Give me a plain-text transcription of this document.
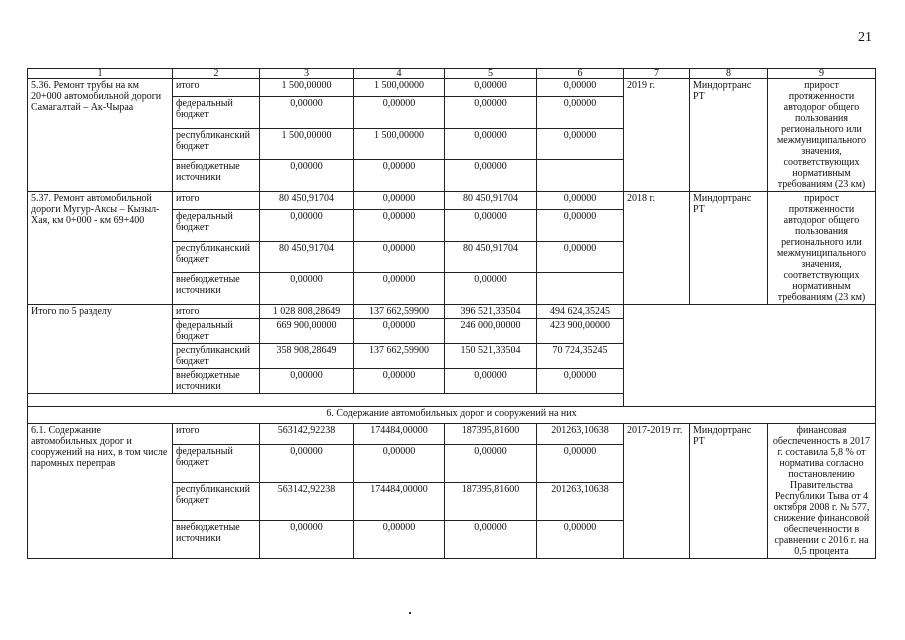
21
1	2	3	4	5	6	7	8	9
5.36. Ремонт трубы на км 20+000 автомобильной дороги Самагалтай – Ак-Чыраа	итого	1 500,00000	1 500,00000	0,00000	0,00000	2019 г.	Миндортранс РТ	прирост протяженности автодорог общего пользования регионального или межмуниципального значения, соответствующих нормативным требованиям (23 км)
	федеральный бюджет	0,00000	0,00000	0,00000	0,00000			
	республиканский бюджет	1 500,00000	1 500,00000	0,00000	0,00000			
	внебюджетные источники	0,00000	0,00000	0,00000				
5.37. Ремонт автомобильной дороги Мугур-Аксы – Кызыл-Хая, км 0+000 - км 69+400	итого	80 450,91704	0,00000	80 450,91704	0,00000	2018 г.	Миндортранс РТ	прирост протяженности автодорог общего пользования регионального или межмуниципального значения, соответствующих нормативным требованиям (23 км)
	федеральный бюджет	0,00000	0,00000	0,00000	0,00000			
	республиканский бюджет	80 450,91704	0,00000	80 450,91704	0,00000			
	внебюджетные источники	0,00000	0,00000	0,00000				
Итого по 5 разделу	итого	1 028 808,28649	137 662,59900	396 521,33504	494 624,35245			
	федеральный бюджет	669 900,00000	0,00000	246 000,00000	423 900,00000			
	республиканский бюджет	358 908,28649	137 662,59900	150 521,33504	70 724,35245			
	внебюджетные источники	0,00000	0,00000	0,00000	0,00000			

6. Содержание автомобильных дорог и сооружений на них								
6.1. Содержание автомобильных дорог и сооружений на них, в том числе паромных переправ	итого	563142,92238	174484,00000	187395,81600	201263,10638	2017-2019 гг.	Миндортранс РТ	финансовая обеспеченность в 2017 г. составила 5,8 % от норматива согласно постановлению Правительства Республики Тыва от 4 октября 2008 г. № 577, снижение финансовой обеспеченности в сравнении с 2016 г. на 0,5 процента
	федеральный бюджет	0,00000	0,00000	0,00000	0,00000			
	республиканский бюджет	563142,92238	174484,00000	187395,81600	201263,10638			
	внебюджетные источники	0,00000	0,00000	0,00000	0,00000			
